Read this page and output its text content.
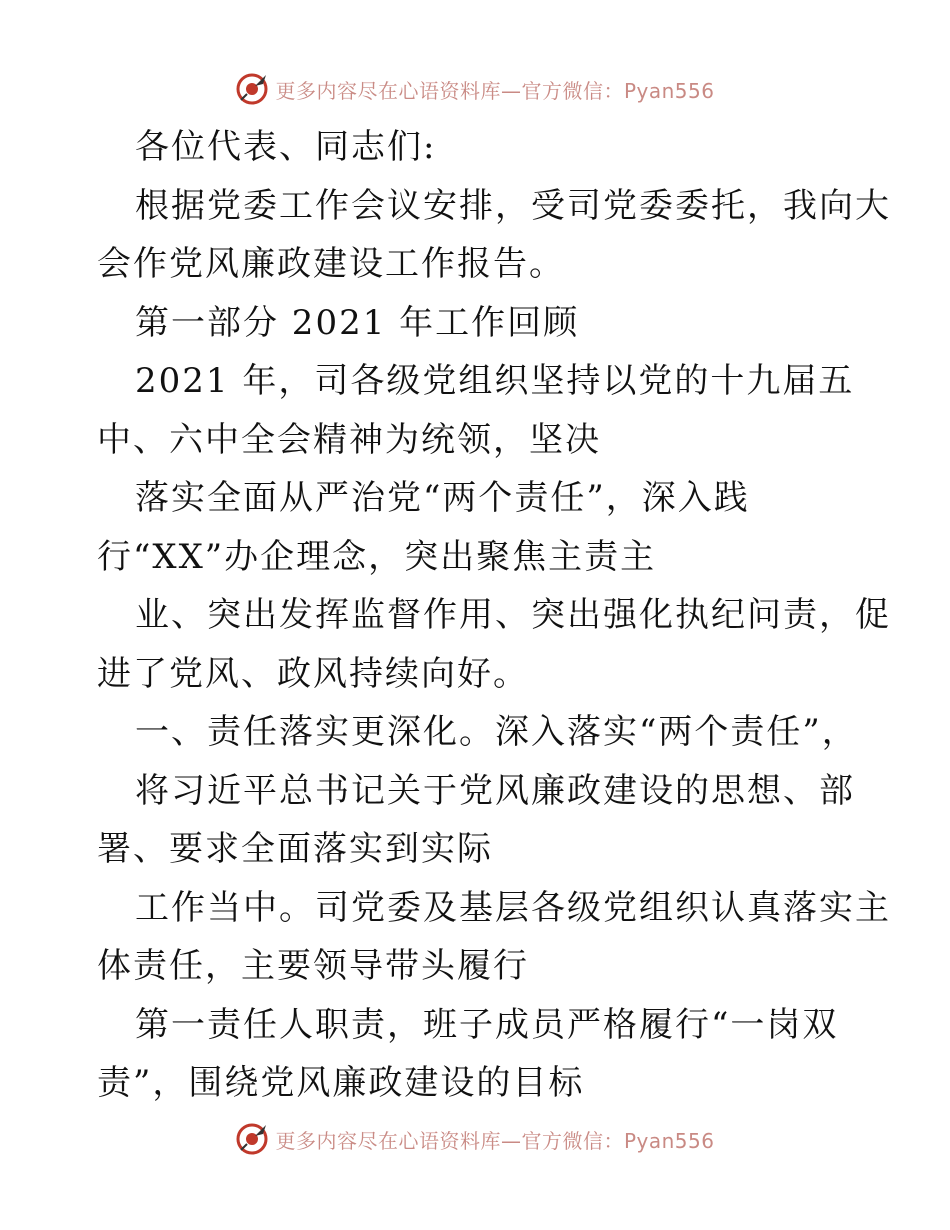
更多内容尽在心语资料库—官方微信：Pyan556
各位代表、同志们:
根据党委工作会议安排，受司党委委托，我向大
会作党风廉政建设工作报告。
第一部分 2021 年工作回顾
2021 年，司各级党组织坚持以党的十九届五
中、六中全会精神为统领，坚决
落实全面从严治党“两个责任”，深入践
行“XX”办企理念，突出聚焦主责主
业、突出发挥监督作用、突出强化执纪问责，促
进了党风、政风持续向好。
一、责任落实更深化。深入落实“两个责任”，
将习近平总书记关于党风廉政建设的思想、部
署、要求全面落实到实际
工作当中。司党委及基层各级党组织认真落实主
体责任，主要领导带头履行
第一责任人职责，班子成员严格履行“一岗双
责”，围绕党风廉政建设的目标
更多内容尽在心语资料库—官方微信：Pyan556
